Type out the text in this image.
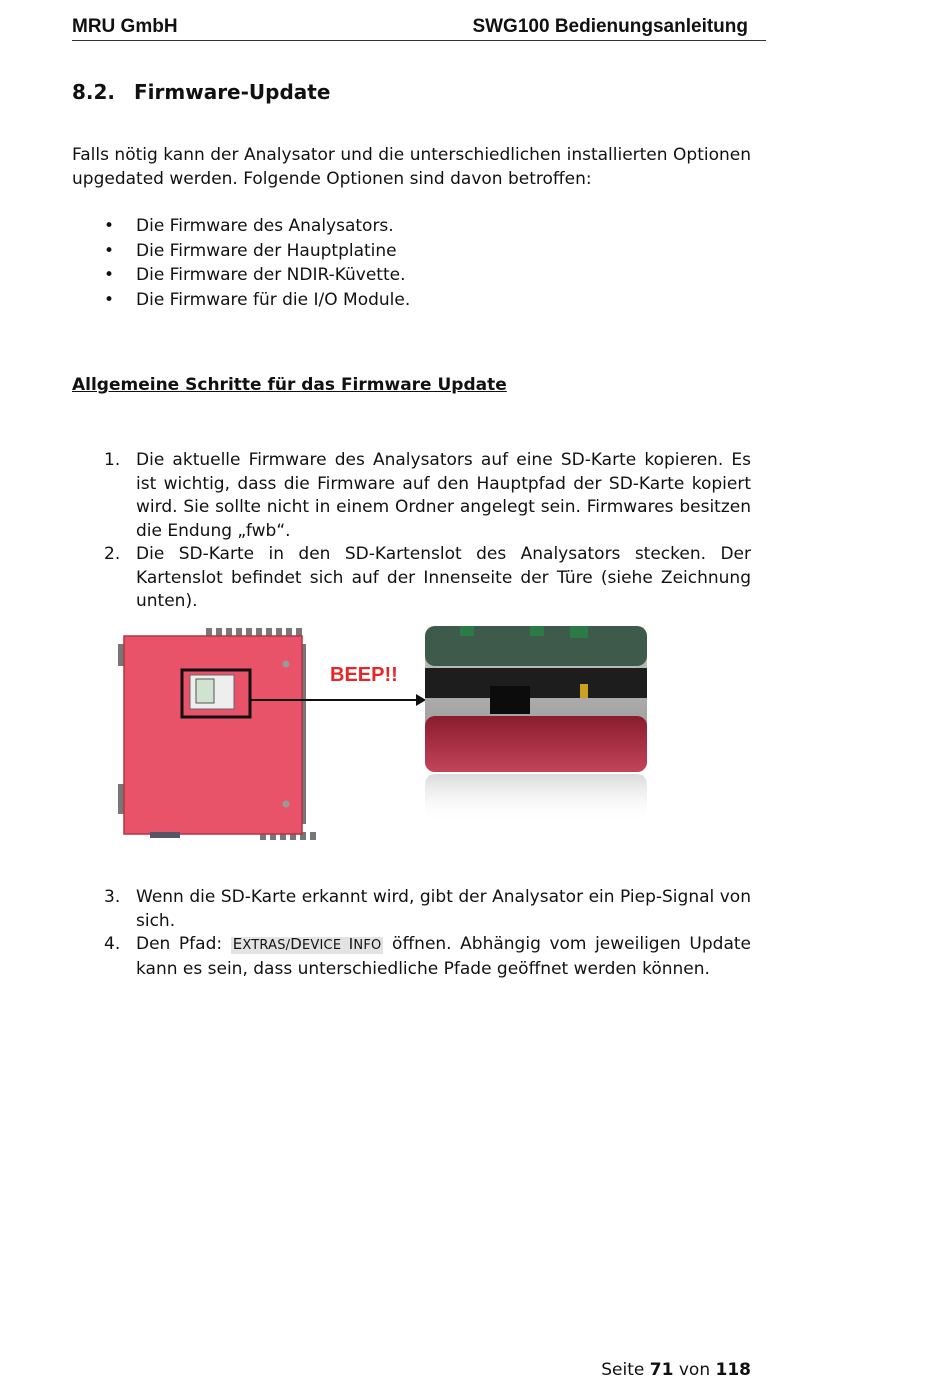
MRU GmbH	SWG100 Bedienungsanleitung
8.2. Firmware-Update
Falls nötig kann der Analysator und die unterschiedlichen installierten Optionen upgedated werden. Folgende Optionen sind davon betroffen:
• Die Firmware des Analysators.
• Die Firmware der Hauptplatine
• Die Firmware der NDIR-Küvette.
• Die Firmware für die I/O Module.
Allgemeine Schritte für das Firmware Update
1. Die aktuelle Firmware des Analysators auf eine SD-Karte kopieren. Es ist wichtig, dass die Firmware auf den Hauptpfad der SD-Karte kopiert wird. Sie sollte nicht in einem Ordner angelegt sein. Firmwares besitzen die Endung „fwb“.
2. Die SD-Karte in den SD-Kartenslot des Analysators stecken. Der Kartenslot befindet sich auf der Innenseite der Türe (siehe Zeichnung unten).
BEEP!!
3. Wenn die SD-Karte erkannt wird, gibt der Analysator ein Piep-Signal von sich.
4. Den Pfad: EXTRAS/DEVICE INFO öffnen. Abhängig vom jeweiligen Update kann es sein, dass unterschiedliche Pfade geöffnet werden können.
Seite 71 von 118
